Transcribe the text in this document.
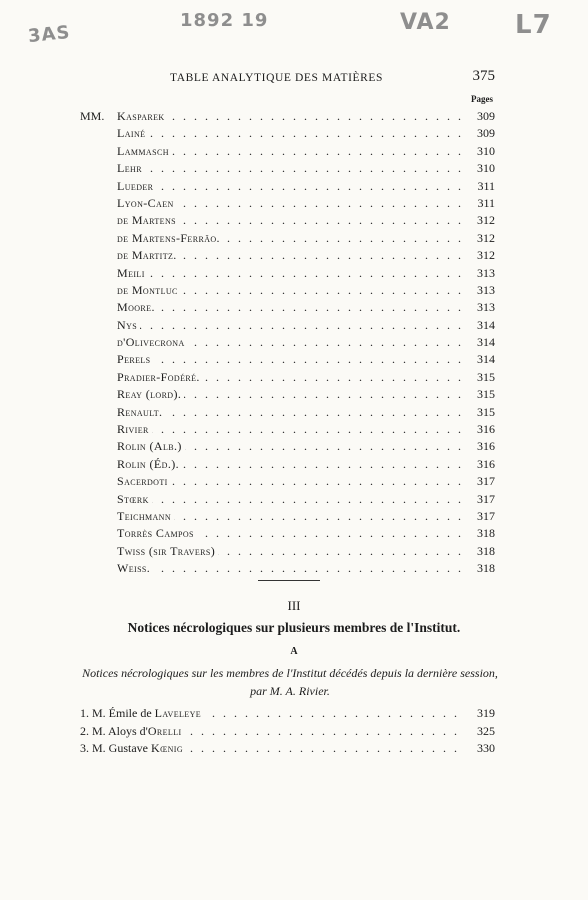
3AS
1892 19	VA2 L7
TABLE ANALYTIQUE DES MATIÈRES	375
Pages
MM. . . . Kasparek	309
. . .
Lainé	309
. . .
Lammasch	310
. . .
Lehr	310
. . .
Lueder	311
. . .
Lyon-Caen	311
. . .
de Martens	312
. . .
de Martens-Ferrão.	312
. . .
de Martitz.	312
. . .
Meili	313
. . .
de Montluc	313
. . .
Moore.	313
. . .
Nys	314
. . .
d'Olivecrona	314
. . .
Perels	314
. . .
Pradier-Fodéré.	315
. . .
Reay (lord).	315
. . .
Renault.	315
. . .
Rivier	316
. . .
Rolin (Alb.)	316
. . .
Rolin (Éd.).	316
. . .
Sacerdoti	317
. . .
Stœrk	317
. . .
Teichmann	317
. . .
Torrès Campos	318
. . .
Twiss (sir Travers)	318
. . .
Weiss.	318
III
Notices nécrologiques sur plusieurs membres de l'Institut.
A
Notices nécrologiques sur les membres de l'Institut décédés depuis la dernière session, par M. A. Rivier.
. . .
1. M. Émile de Laveleye	319
. . .
2. M. Aloys d'Orelli	325
. . .
3. M. Gustave Kœnig	330
